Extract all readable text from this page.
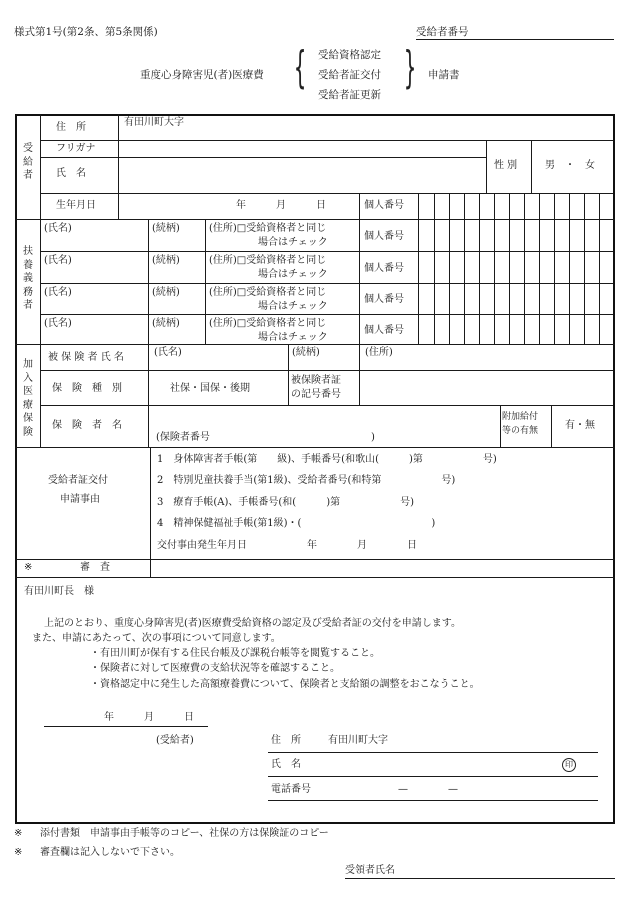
様式第1号(第2条、第5条関係)	受給者番号
重度心身障害児(者)医療費 { 受給資格認定
受給者証交付
受給者証更新
} 申請書
受給者
住　所	有田川町大字
フリガナ
氏　名
性 別	男　・　女
生年月日	年　　　月　　　日	個人番号
扶養義務者
(氏名)	(続柄)	(住所)□受給資格者と同じ
場合はチェック
個人番号
(氏名)	(続柄)	(住所)□受給資格者と同じ
場合はチェック
個人番号
(氏名)	(続柄)	(住所)□受給資格者と同じ
場合はチェック
個人番号
(氏名)	(続柄)	(住所)□受給資格者と同じ
場合はチェック
個人番号
加入医療保険
被 保 険 者 氏 名	(氏名)	(続柄)	(住所)
保　険　種　別	社保・国保・後期
被保険者証
の記号番号
保　険　者　名
(保険者番号	)
附加給付
等の有無	有・無
受給者証交付
申請事由
1　身体障害者手帳(第　　級)、手帳番号(和歌山(　　　)第　　　　　　号)
2　特別児童扶養手当(第1級)、受給者番号(和特第　　　　　　号)
3　療育手帳(A)、手帳番号(和(　　　)第　　　　　　号)
4　精神保健福祉手帳(第1級)・(　　　　　　　　　　　　　)
交付事由発生年月日　　　　　　年　　　　月　　　　日
※	審　査
有田川町長　様
上記のとおり、重度心身障害児(者)医療費受給資格の認定及び受給者証の交付を申請します。
また、申請にあたって、次の事項について同意します。
・有田川町が保有する住民台帳及び課税台帳等を閲覧すること。
・保険者に対して医療費の支給状況等を確認すること。
・資格認定中に発生した高額療養費について、保険者と支給額の調整をおこなうこと。
年　　　月　　　日
(受給者)	住　所	有田川町大字
氏　名	印
電話番号	—　　　　—
※ 添付書類　申請事由手帳等のコピー、社保の方は保険証のコピー
※ 審査欄は記入しないで下さい。
受領者氏名
